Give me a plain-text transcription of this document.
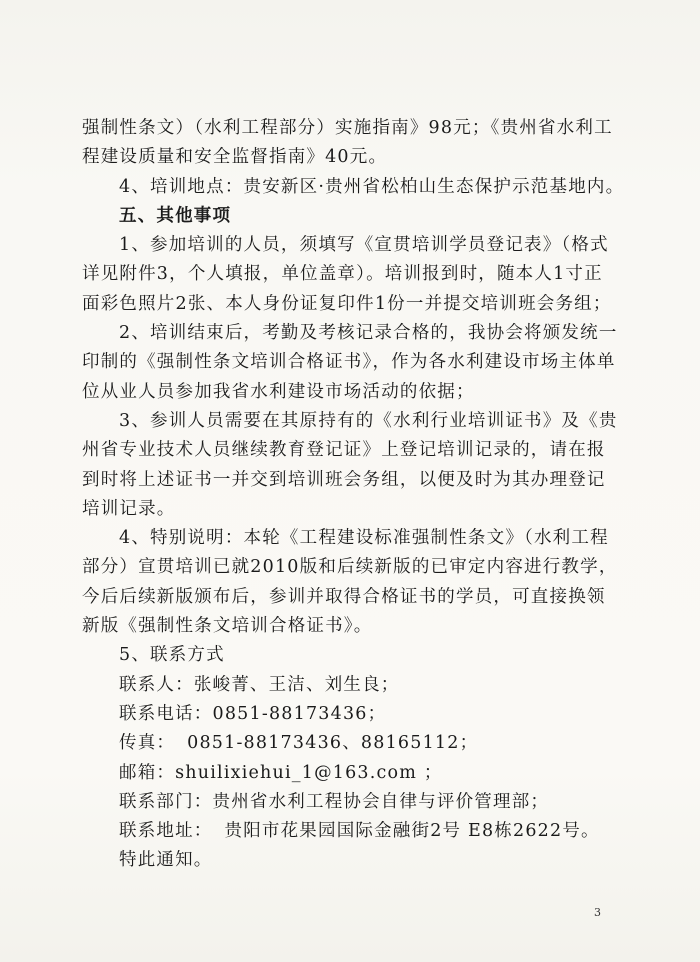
强制性条文）（水利工程部分）实施指南》98元；《贵州省水利工
程建设质量和安全监督指南》40元。

4、培训地点：贵安新区·贵州省松柏山生态保护示范基地内。

五、其他事项

1、参加培训的人员，须填写《宣贯培训学员登记表》（格式
详见附件3，个人填报，单位盖章）。培训报到时，随本人1寸正
面彩色照片2张、本人身份证复印件1份一并提交培训班会务组；

2、培训结束后，考勤及考核记录合格的，我协会将颁发统一
印制的《强制性条文培训合格证书》，作为各水利建设市场主体单
位从业人员参加我省水利建设市场活动的依据；

3、参训人员需要在其原持有的《水利行业培训证书》及《贵
州省专业技术人员继续教育登记证》上登记培训记录的，请在报
到时将上述证书一并交到培训班会务组，以便及时为其办理登记
培训记录。

4、特别说明：本轮《工程建设标准强制性条文》（水利工程
部分）宣贯培训已就2010版和后续新版的已审定内容进行教学，
今后后续新版颁布后，参训并取得合格证书的学员，可直接换领
新版《强制性条文培训合格证书》。

5、联系方式

联系人：张峻菁、王洁、刘生良；
联系电话：0851-88173436；
传真： 0851-88173436、88165112；
邮箱：shuilixiehui_1@163.com ；
联系部门：贵州省水利工程协会自律与评价管理部；
联系地址： 贵阳市花果园国际金融街2号 E8栋2622号。
特此通知。
3
